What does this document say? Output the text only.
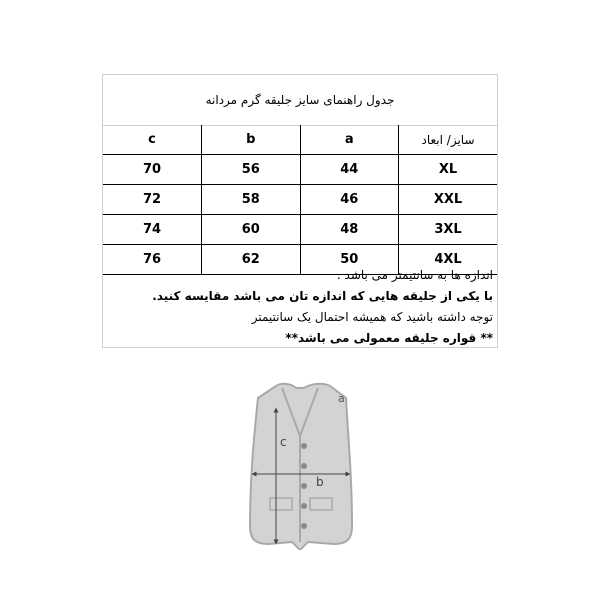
جدول راهنمای سایز جلیقه گرم مردانه
c	b	a	سایز/ ابعاد
70	56	44	XL
72	58	46	XXL
74	60	48	3XL
76	62	50	4XL
اندازه ها به سانتیمتر می باشد .
با یکی از جلیقه هایی که اندازه تان می باشد مقایسه کنید.
توجه داشته باشید که همیشه احتمال یک سانتیمتر
** قواره جلیقه معمولی می باشد**
a
c
b
